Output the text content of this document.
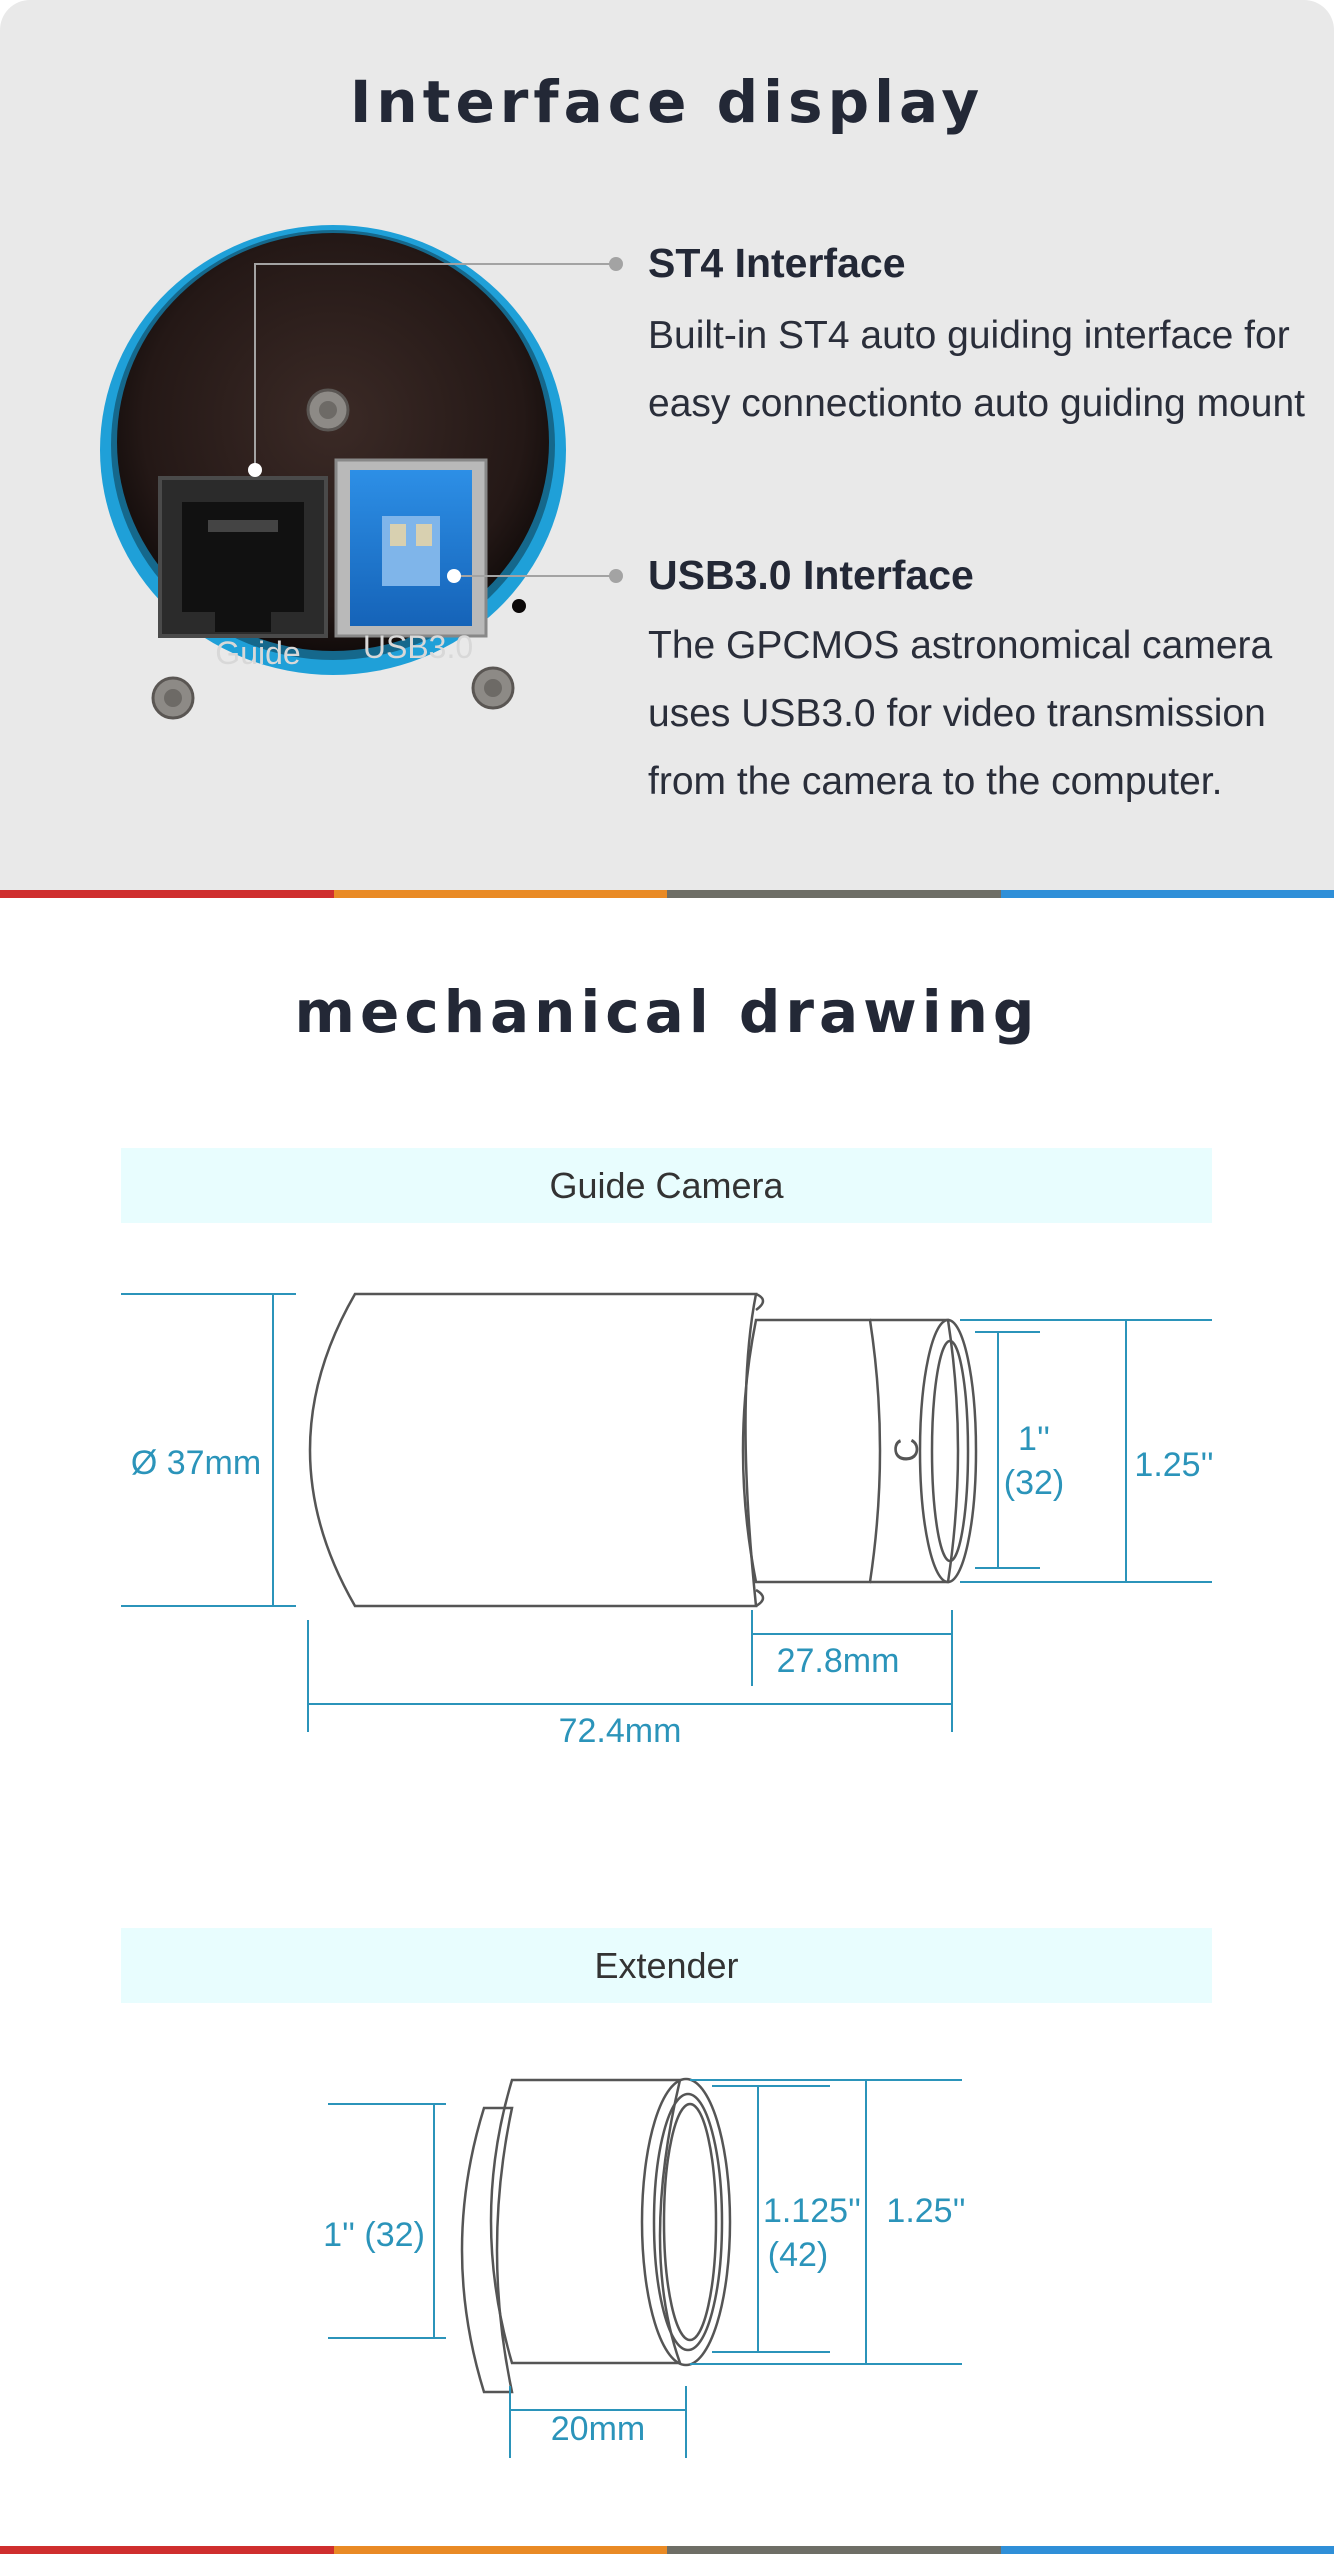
Interface display
Guide USB3.0
ST4 Interface
Built-in ST4 auto guiding interface for easy connectionto auto guiding mount
USB3.0 Interface
The GPCMOS astronomical camera uses USB3.0 for video transmission from the camera to the computer.
mechanical drawing
Guide Camera
C
Ø 37mm
1''
(32) 1.25''
27.8mm
72.4mm
Extender
1'' (32)
1.125''
(42)
1.25''
20mm
